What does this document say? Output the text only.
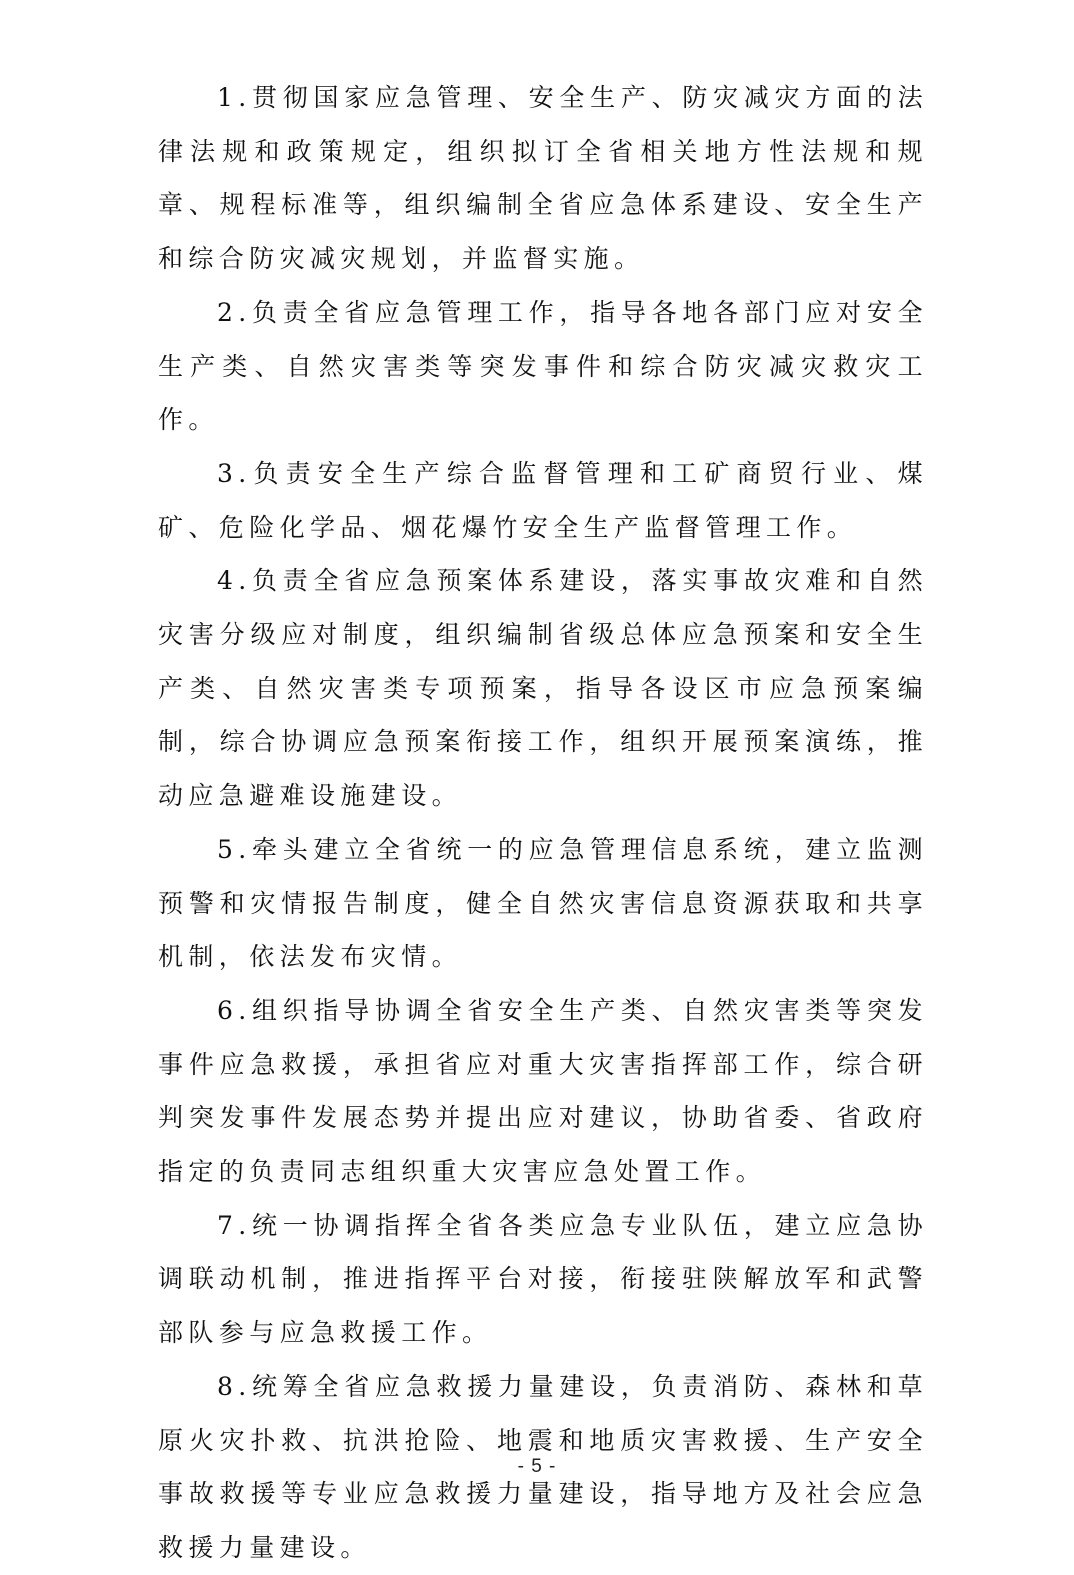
1.贯彻国家应急管理、安全生产、防灾减灾方面的法律法规和政策规定，组织拟订全省相关地方性法规和规章、规程标准等，组织编制全省应急体系建设、安全生产和综合防灾减灾规划，并监督实施。

2.负责全省应急管理工作，指导各地各部门应对安全生产类、自然灾害类等突发事件和综合防灾减灾救灾工作。

3.负责安全生产综合监督管理和工矿商贸行业、煤矿、危险化学品、烟花爆竹安全生产监督管理工作。

4.负责全省应急预案体系建设，落实事故灾难和自然灾害分级应对制度，组织编制省级总体应急预案和安全生产类、自然灾害类专项预案，指导各设区市应急预案编制，综合协调应急预案衔接工作，组织开展预案演练，推动应急避难设施建设。

5.牵头建立全省统一的应急管理信息系统，建立监测预警和灾情报告制度，健全自然灾害信息资源获取和共享机制，依法发布灾情。

6.组织指导协调全省安全生产类、自然灾害类等突发事件应急救援，承担省应对重大灾害指挥部工作，综合研判突发事件发展态势并提出应对建议，协助省委、省政府指定的负责同志组织重大灾害应急处置工作。

7.统一协调指挥全省各类应急专业队伍，建立应急协调联动机制，推进指挥平台对接，衔接驻陕解放军和武警部队参与应急救援工作。

8.统筹全省应急救援力量建设，负责消防、森林和草原火灾扑救、抗洪抢险、地震和地质灾害救援、生产安全事故救援等专业应急救援力量建设，指导地方及社会应急救援力量建设。

- 5 -
